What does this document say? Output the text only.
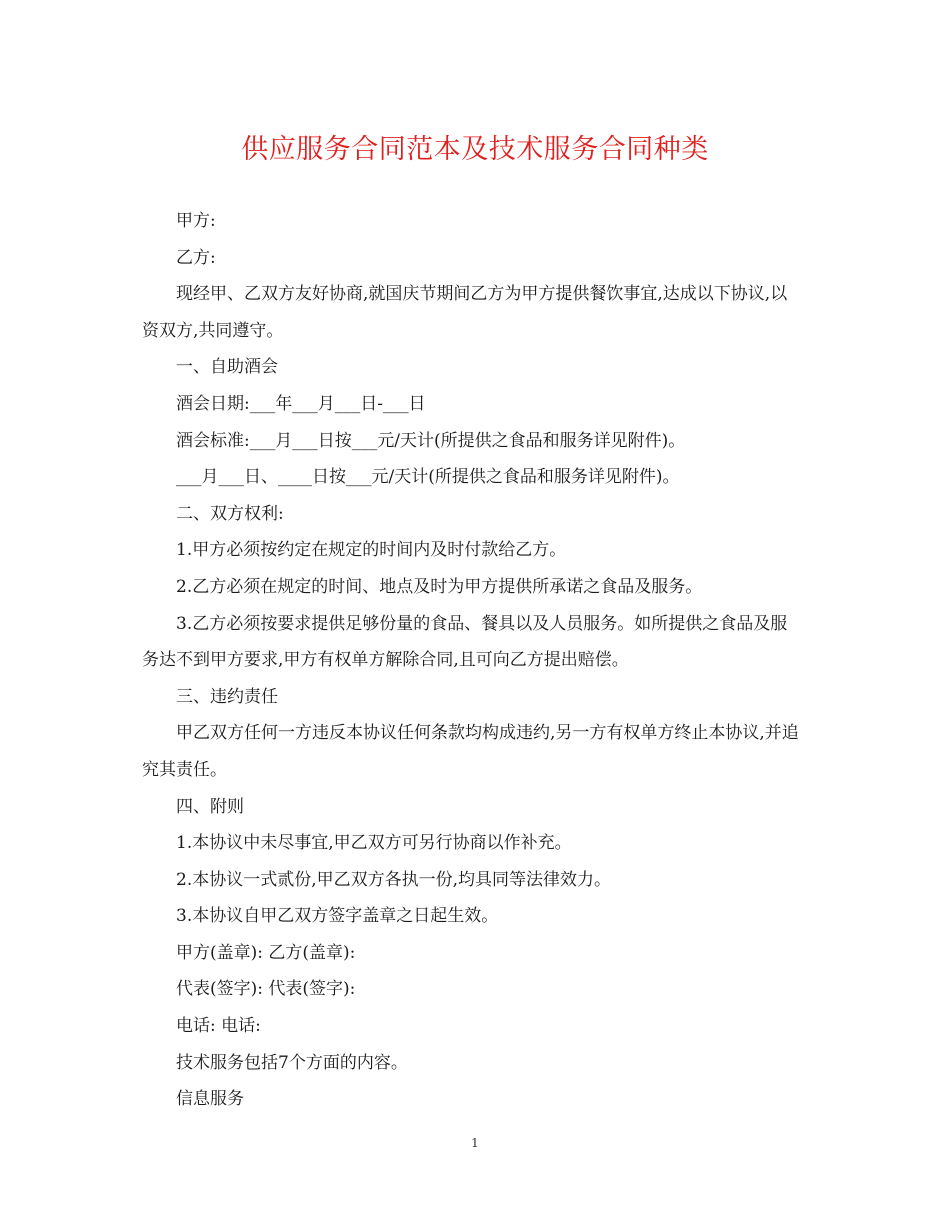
供应服务合同范本及技术服务合同种类

甲方:

乙方:

现经甲、乙双方友好协商,就国庆节期间乙方为甲方提供餐饮事宜,达成以下协议,以资双方,共同遵守。

一、自助酒会

酒会日期:___年___月___日-___日

酒会标准:___月___日按___元/天计(所提供之食品和服务详见附件)。

___月___日、____日按___元/天计(所提供之食品和服务详见附件)。

二、双方权利:

1.甲方必须按约定在规定的时间内及时付款给乙方。

2.乙方必须在规定的时间、地点及时为甲方提供所承诺之食品及服务。

3.乙方必须按要求提供足够份量的食品、餐具以及人员服务。如所提供之食品及服务达不到甲方要求,甲方有权单方解除合同,且可向乙方提出赔偿。

三、违约责任

甲乙双方任何一方违反本协议任何条款均构成违约,另一方有权单方终止本协议,并追究其责任。

四、附则

1.本协议中未尽事宜,甲乙双方可另行协商以作补充。

2.本协议一式贰份,甲乙双方各执一份,均具同等法律效力。

3.本协议自甲乙双方签字盖章之日起生效。

甲方(盖章): 乙方(盖章):

代表(签字): 代表(签字):

电话: 电话:

技术服务包括7个方面的内容。

信息服务

1
